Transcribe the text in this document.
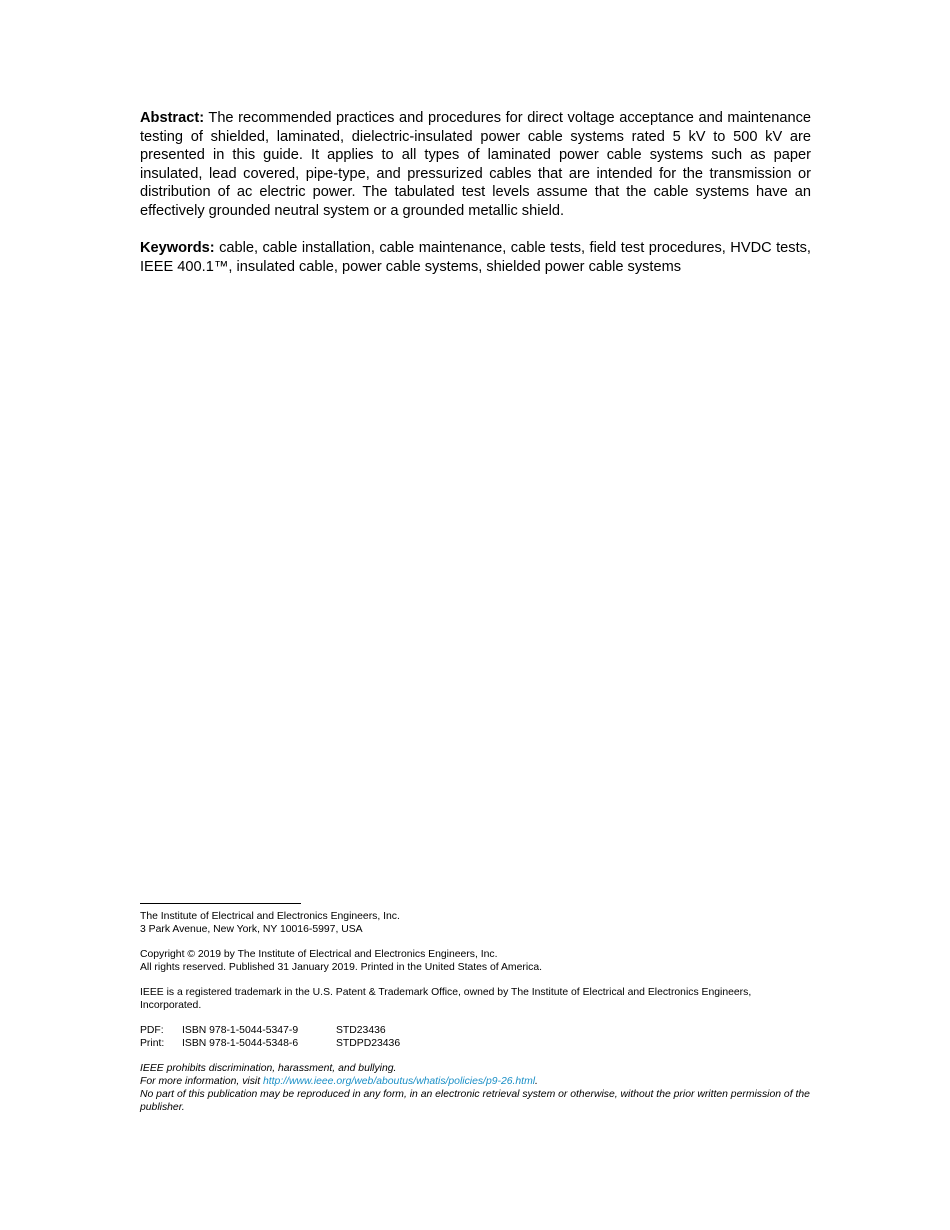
Abstract: The recommended practices and procedures for direct voltage acceptance and maintenance testing of shielded, laminated, dielectric-insulated power cable systems rated 5 kV to 500 kV are presented in this guide. It applies to all types of laminated power cable systems such as paper insulated, lead covered, pipe-type, and pressurized cables that are intended for the transmission or distribution of ac electric power. The tabulated test levels assume that the cable systems have an effectively grounded neutral system or a grounded metallic shield.

Keywords: cable, cable installation, cable maintenance, cable tests, field test procedures, HVDC tests, IEEE 400.1™, insulated cable, power cable systems, shielded power cable systems

The Institute of Electrical and Electronics Engineers, Inc.
3 Park Avenue, New York, NY 10016-5997, USA
Copyright © 2019 by The Institute of Electrical and Electronics Engineers, Inc.
All rights reserved. Published 31 January 2019. Printed in the United States of America.
IEEE is a registered trademark in the U.S. Patent & Trademark Office, owned by The Institute of Electrical and Electronics Engineers, Incorporated.
PDF:	ISBN 978-1-5044-5347-9	STD23436
Print:	ISBN 978-1-5044-5348-6	STDPD23436
IEEE prohibits discrimination, harassment, and bullying.
For more information, visit http://www.ieee.org/web/aboutus/whatis/policies/p9-26.html.
No part of this publication may be reproduced in any form, in an electronic retrieval system or otherwise, without the prior written permission of the publisher.
